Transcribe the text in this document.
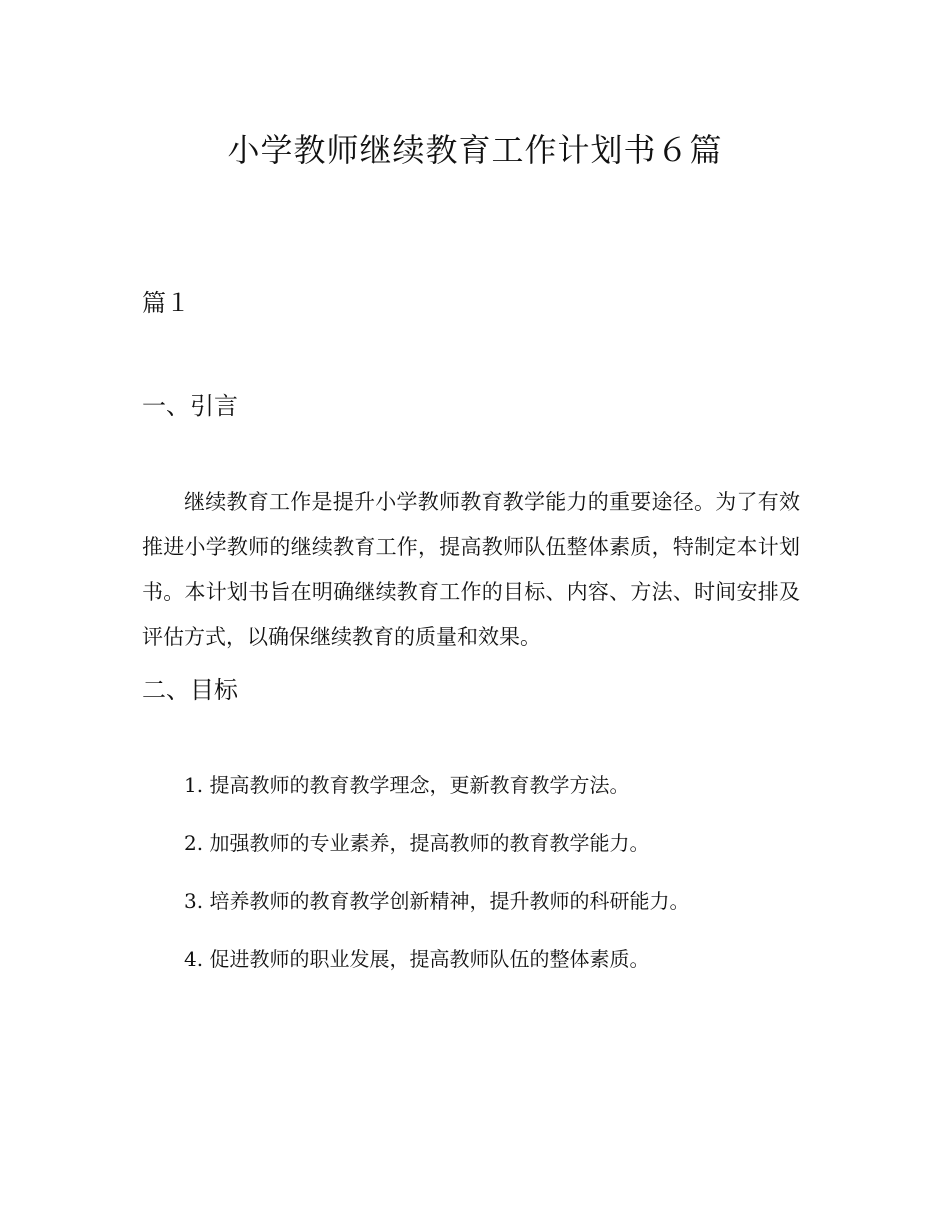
小学教师继续教育工作计划书６篇
篇１
一、引言
继续教育工作是提升小学教师教育教学能力的重要途径。为了有效推进小学教师的继续教育工作，提高教师队伍整体素质，特制定本计划书。本计划书旨在明确继续教育工作的目标、内容、方法、时间安排及评估方式，以确保继续教育的质量和效果。
二、目标
1. 提高教师的教育教学理念，更新教育教学方法。
2. 加强教师的专业素养，提高教师的教育教学能力。
3. 培养教师的教育教学创新精神，提升教师的科研能力。
4. 促进教师的职业发展，提高教师队伍的整体素质。
